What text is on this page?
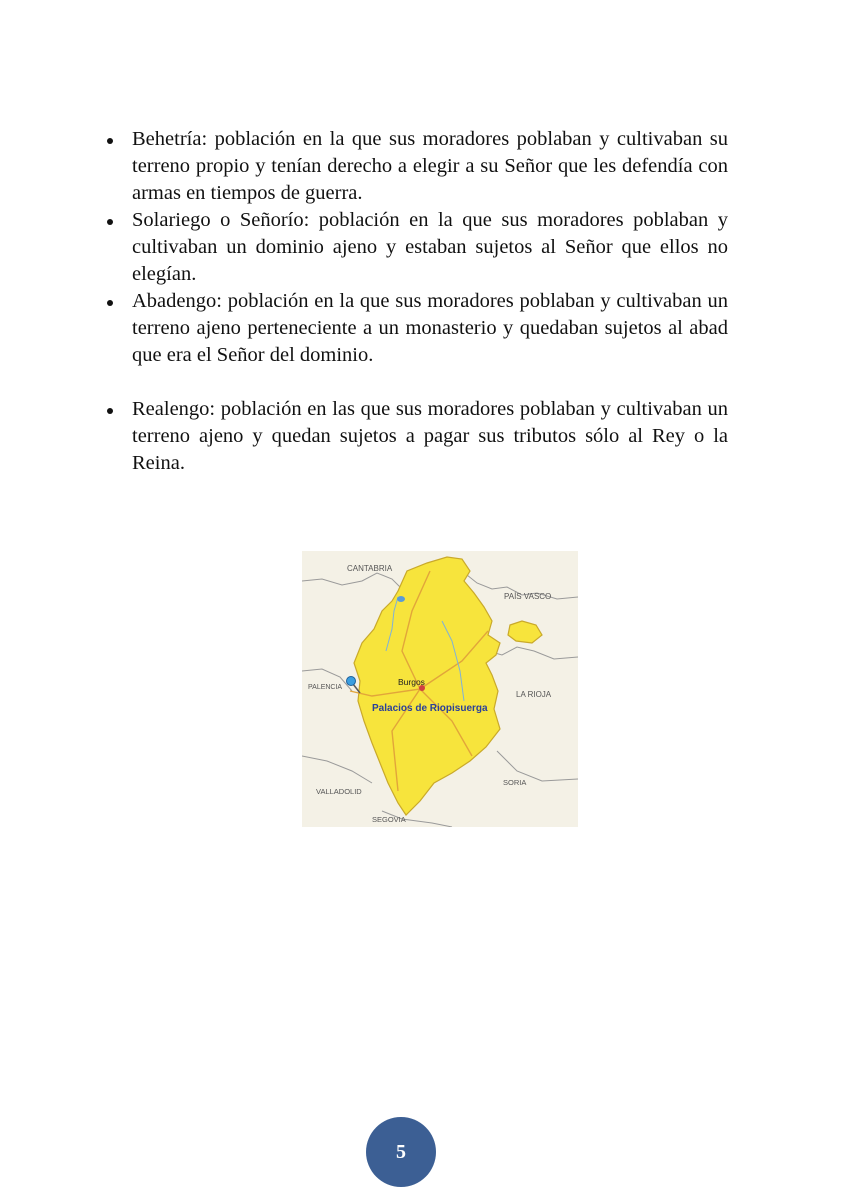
Behetría: población en la que sus moradores poblaban y cultivaban su terreno propio y tenían derecho a elegir a su Señor que les defendía con armas en tiempos de guerra.
Solariego o Señorío: población en la que sus moradores poblaban y cultivaban un dominio ajeno y estaban sujetos al Señor que ellos no elegían.
Abadengo: población en la que sus moradores poblaban y cultivaban un terreno ajeno perteneciente a un monasterio y quedaban sujetos al abad que era el Señor del dominio.
Realengo: población en las que sus moradores poblaban y cultivaban un terreno ajeno y quedan sujetos a pagar sus tributos sólo al Rey o la Reina.
CANTABRIA
PAÍS VASCO
PALENCIA
Burgos
LA RIOJA
Palacios de Riopisuerga
SORIA
VALLADOLID
SEGOVIA
5
